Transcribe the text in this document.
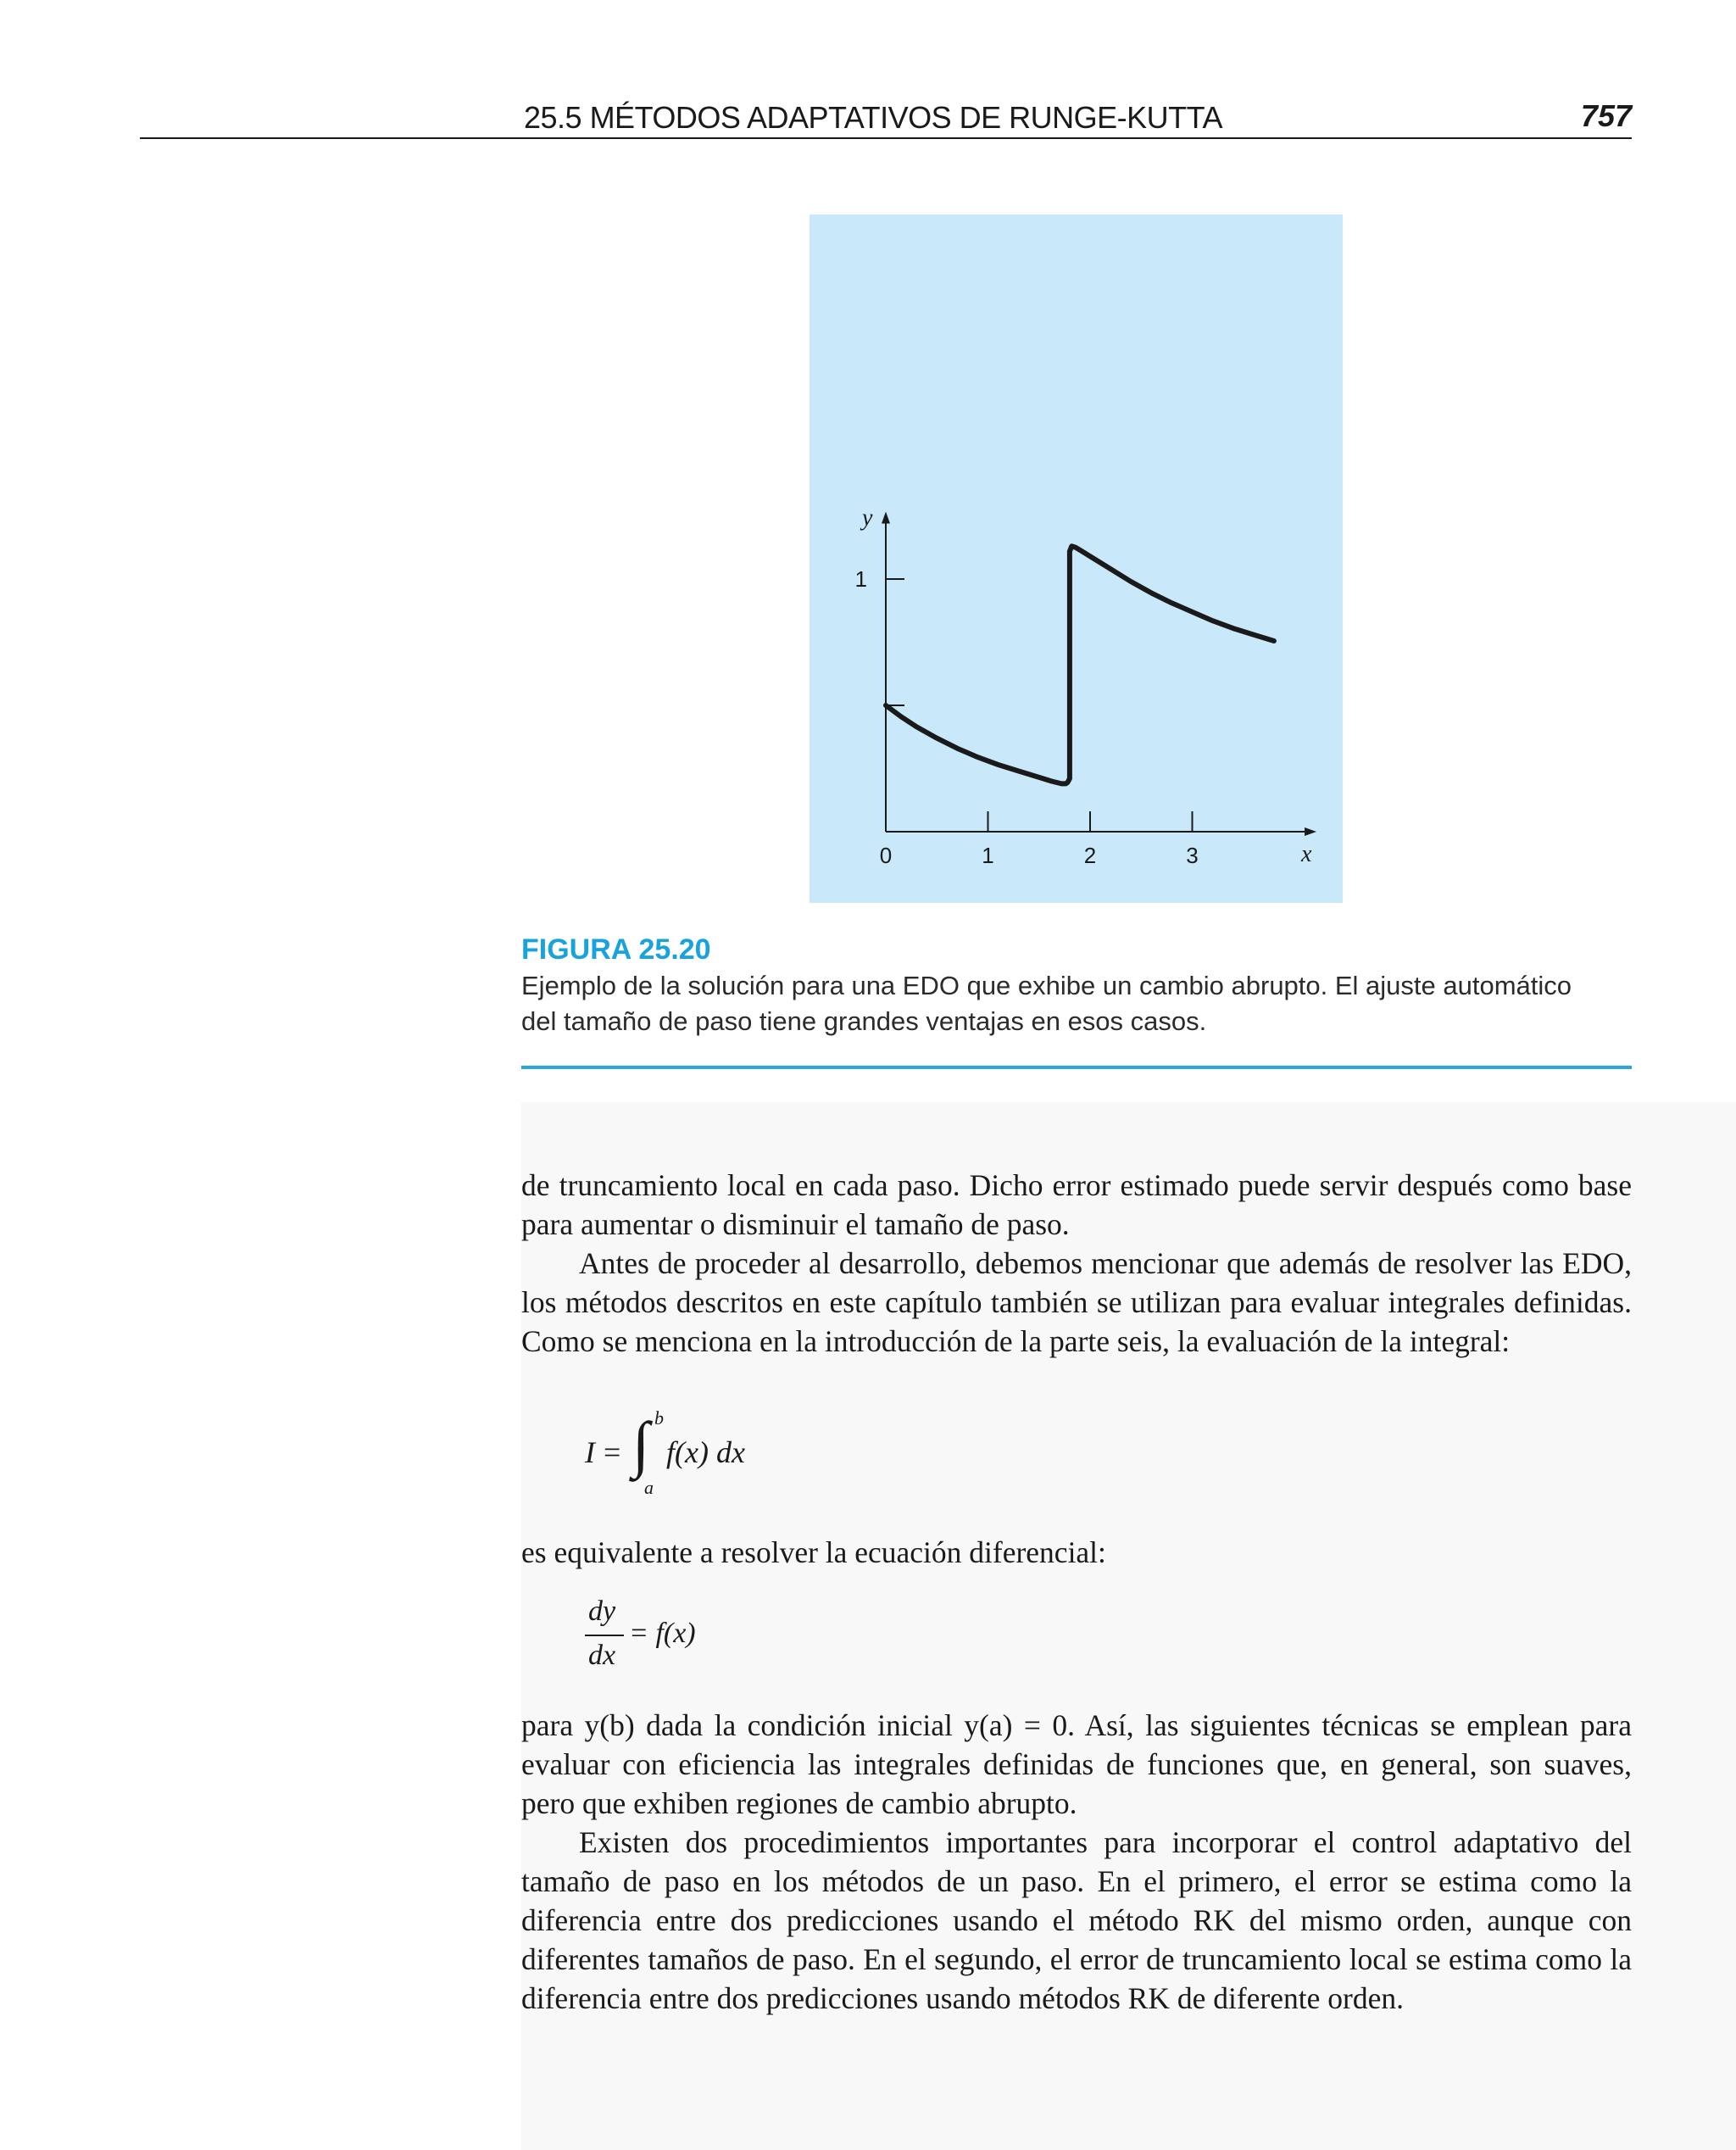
25.5 MÉTODOS ADAPTATIVOS DE RUNGE-KUTTA	757
x
y
0	1	2	3
1
FIGURA 25.20
Ejemplo de la solución para una EDO que exhibe un cambio abrupto. El ajuste automático
del tamaño de paso tiene grandes ventajas en esos casos.

de truncamiento local en cada paso. Dicho error estimado puede servir después como base para aumentar o disminuir el tamaño de paso.

Antes de proceder al desarrollo, debemos mencionar que además de resolver las EDO, los métodos descritos en este capítulo también se utilizan para evaluar integrales definidas. Como se menciona en la introducción de la parte seis, la evaluación de la integral:

I = ∫ b
a
f(x) dx

es equivalente a resolver la ecuación diferencial:

dy
dx
= f(x)

para y(b) dada la condición inicial y(a) = 0. Así, las siguientes técnicas se emplean para evaluar con eficiencia las integrales definidas de funciones que, en general, son suaves, pero que exhiben regiones de cambio abrupto.

Existen dos procedimientos importantes para incorporar el control adaptativo del tamaño de paso en los métodos de un paso. En el primero, el error se estima como la diferencia entre dos predicciones usando el método RK del mismo orden, aunque con diferentes tamaños de paso. En el segundo, el error de truncamiento local se estima como la diferencia entre dos predicciones usando métodos RK de diferente orden.
